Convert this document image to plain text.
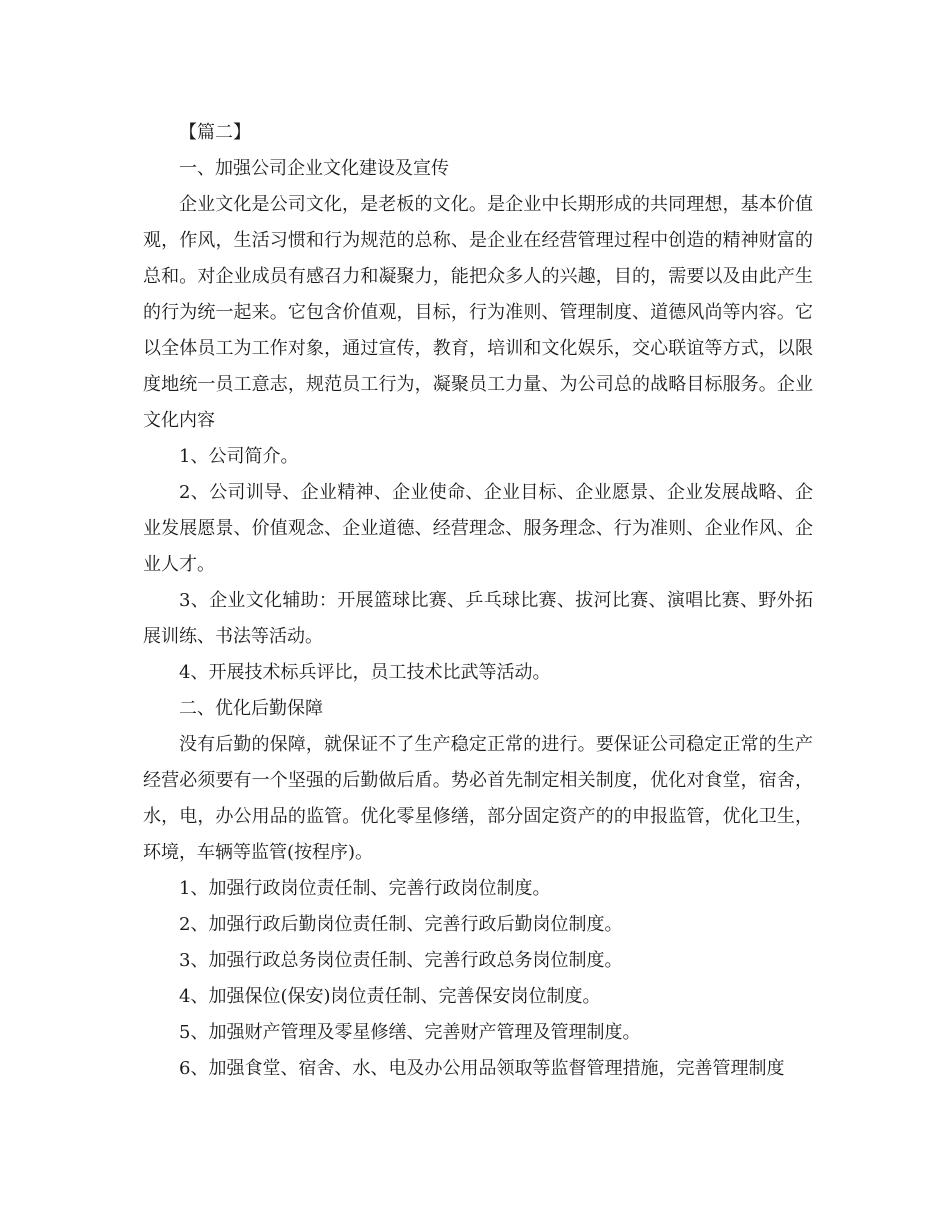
【篇二】

一、加强公司企业文化建设及宣传

企业文化是公司文化，是老板的文化。是企业中长期形成的共同理想，基本价值观，作风，生活习惯和行为规范的总称、是企业在经营管理过程中创造的精神财富的总和。对企业成员有感召力和凝聚力，能把众多人的兴趣，目的，需要以及由此产生的行为统一起来。它包含价值观，目标，行为准则、管理制度、道德风尚等内容。它以全体员工为工作对象，通过宣传，教育，培训和文化娱乐，交心联谊等方式，以限度地统一员工意志，规范员工行为，凝聚员工力量、为公司总的战略目标服务。企业文化内容

1、公司简介。

2、公司训导、企业精神、企业使命、企业目标、企业愿景、企业发展战略、企业发展愿景、价值观念、企业道德、经营理念、服务理念、行为准则、企业作风、企业人才。

3、企业文化辅助：开展篮球比赛、乒乓球比赛、拔河比赛、演唱比赛、野外拓展训练、书法等活动。

4、开展技术标兵评比，员工技术比武等活动。

二、优化后勤保障

没有后勤的保障，就保证不了生产稳定正常的进行。要保证公司稳定正常的生产经营必须要有一个坚强的后勤做后盾。势必首先制定相关制度，优化对食堂，宿舍，水，电，办公用品的监管。优化零星修缮，部分固定资产的的申报监管，优化卫生，环境，车辆等监管(按程序)。

1、加强行政岗位责任制、完善行政岗位制度。

2、加强行政后勤岗位责任制、完善行政后勤岗位制度。

3、加强行政总务岗位责任制、完善行政总务岗位制度。

4、加强保位(保安)岗位责任制、完善保安岗位制度。

5、加强财产管理及零星修缮、完善财产管理及管理制度。

6、加强食堂、宿舍、水、电及办公用品领取等监督管理措施，完善管理制度
